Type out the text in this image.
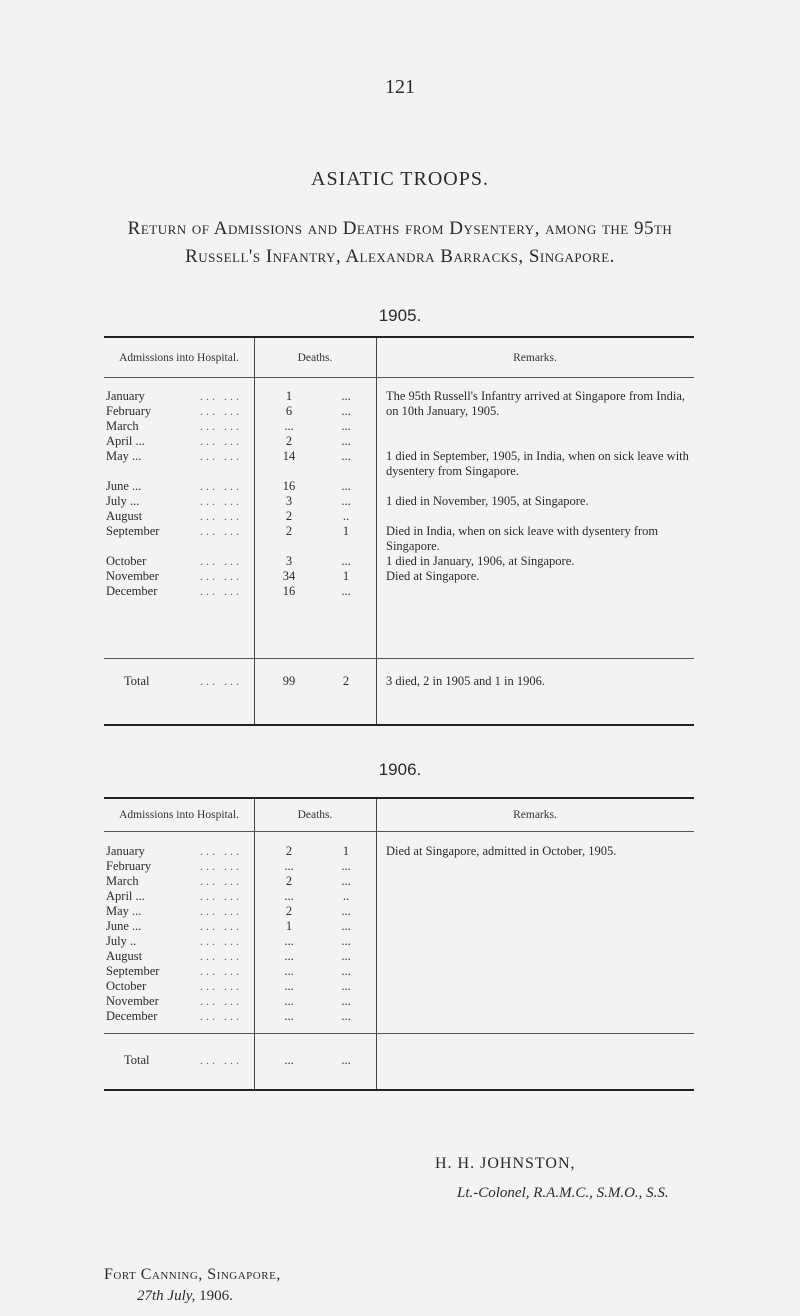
121
ASIATIC TROOPS.
Return of Admissions and Deaths from Dysentery, among the 95th
Russell's Infantry, Alexandra Barracks, Singapore.
1905.
Admissions into Hospital.	Deaths.	Remarks.
January	... ...	1	...	The 95th Russell's Infantry arrived at Singapore from India, on 10th January, 1905.
February	... ...	6	...
March	... ...	...	...
April ...	... ...	2	...
May ...	... ...	14	...	1 died in September, 1905, in India, when on sick leave with dysentery from Singapore.
June ...	... ...	16	...
July ...	... ...	3	...	1 died in November, 1905, at Singapore.
August	... ...	2	..
September	... ...	2	1	Died in India, when on sick leave with dysentery from Singapore.
October	... ...	3	...	1 died in January, 1906, at Singapore.
November	... ...	34	1	Died at Singapore.
December	... ...	16	...
Total	... ...	99	2	3 died, 2 in 1905 and 1 in 1906.
1906.
Admissions into Hospital.	Deaths.	Remarks.
January	... ...	2	1	Died at Singapore, admitted in October, 1905.
February	... ...	...	...
March	... ...	2	...
April ...	... ...	...	..
May ...	... ...	2	...
June ...	... ...	1	...
July ..	... ...	...	...
August	... ...	...	...
September	... ...	...	...
October	... ...	...	...
November	... ...	...	...
December	... ...	...	...
Total	... ...	...	...
H. H. JOHNSTON,
Lt.-Colonel, R.A.M.C., S.M.O., S.S.
Fort Canning, Singapore,
27th July, 1906.
